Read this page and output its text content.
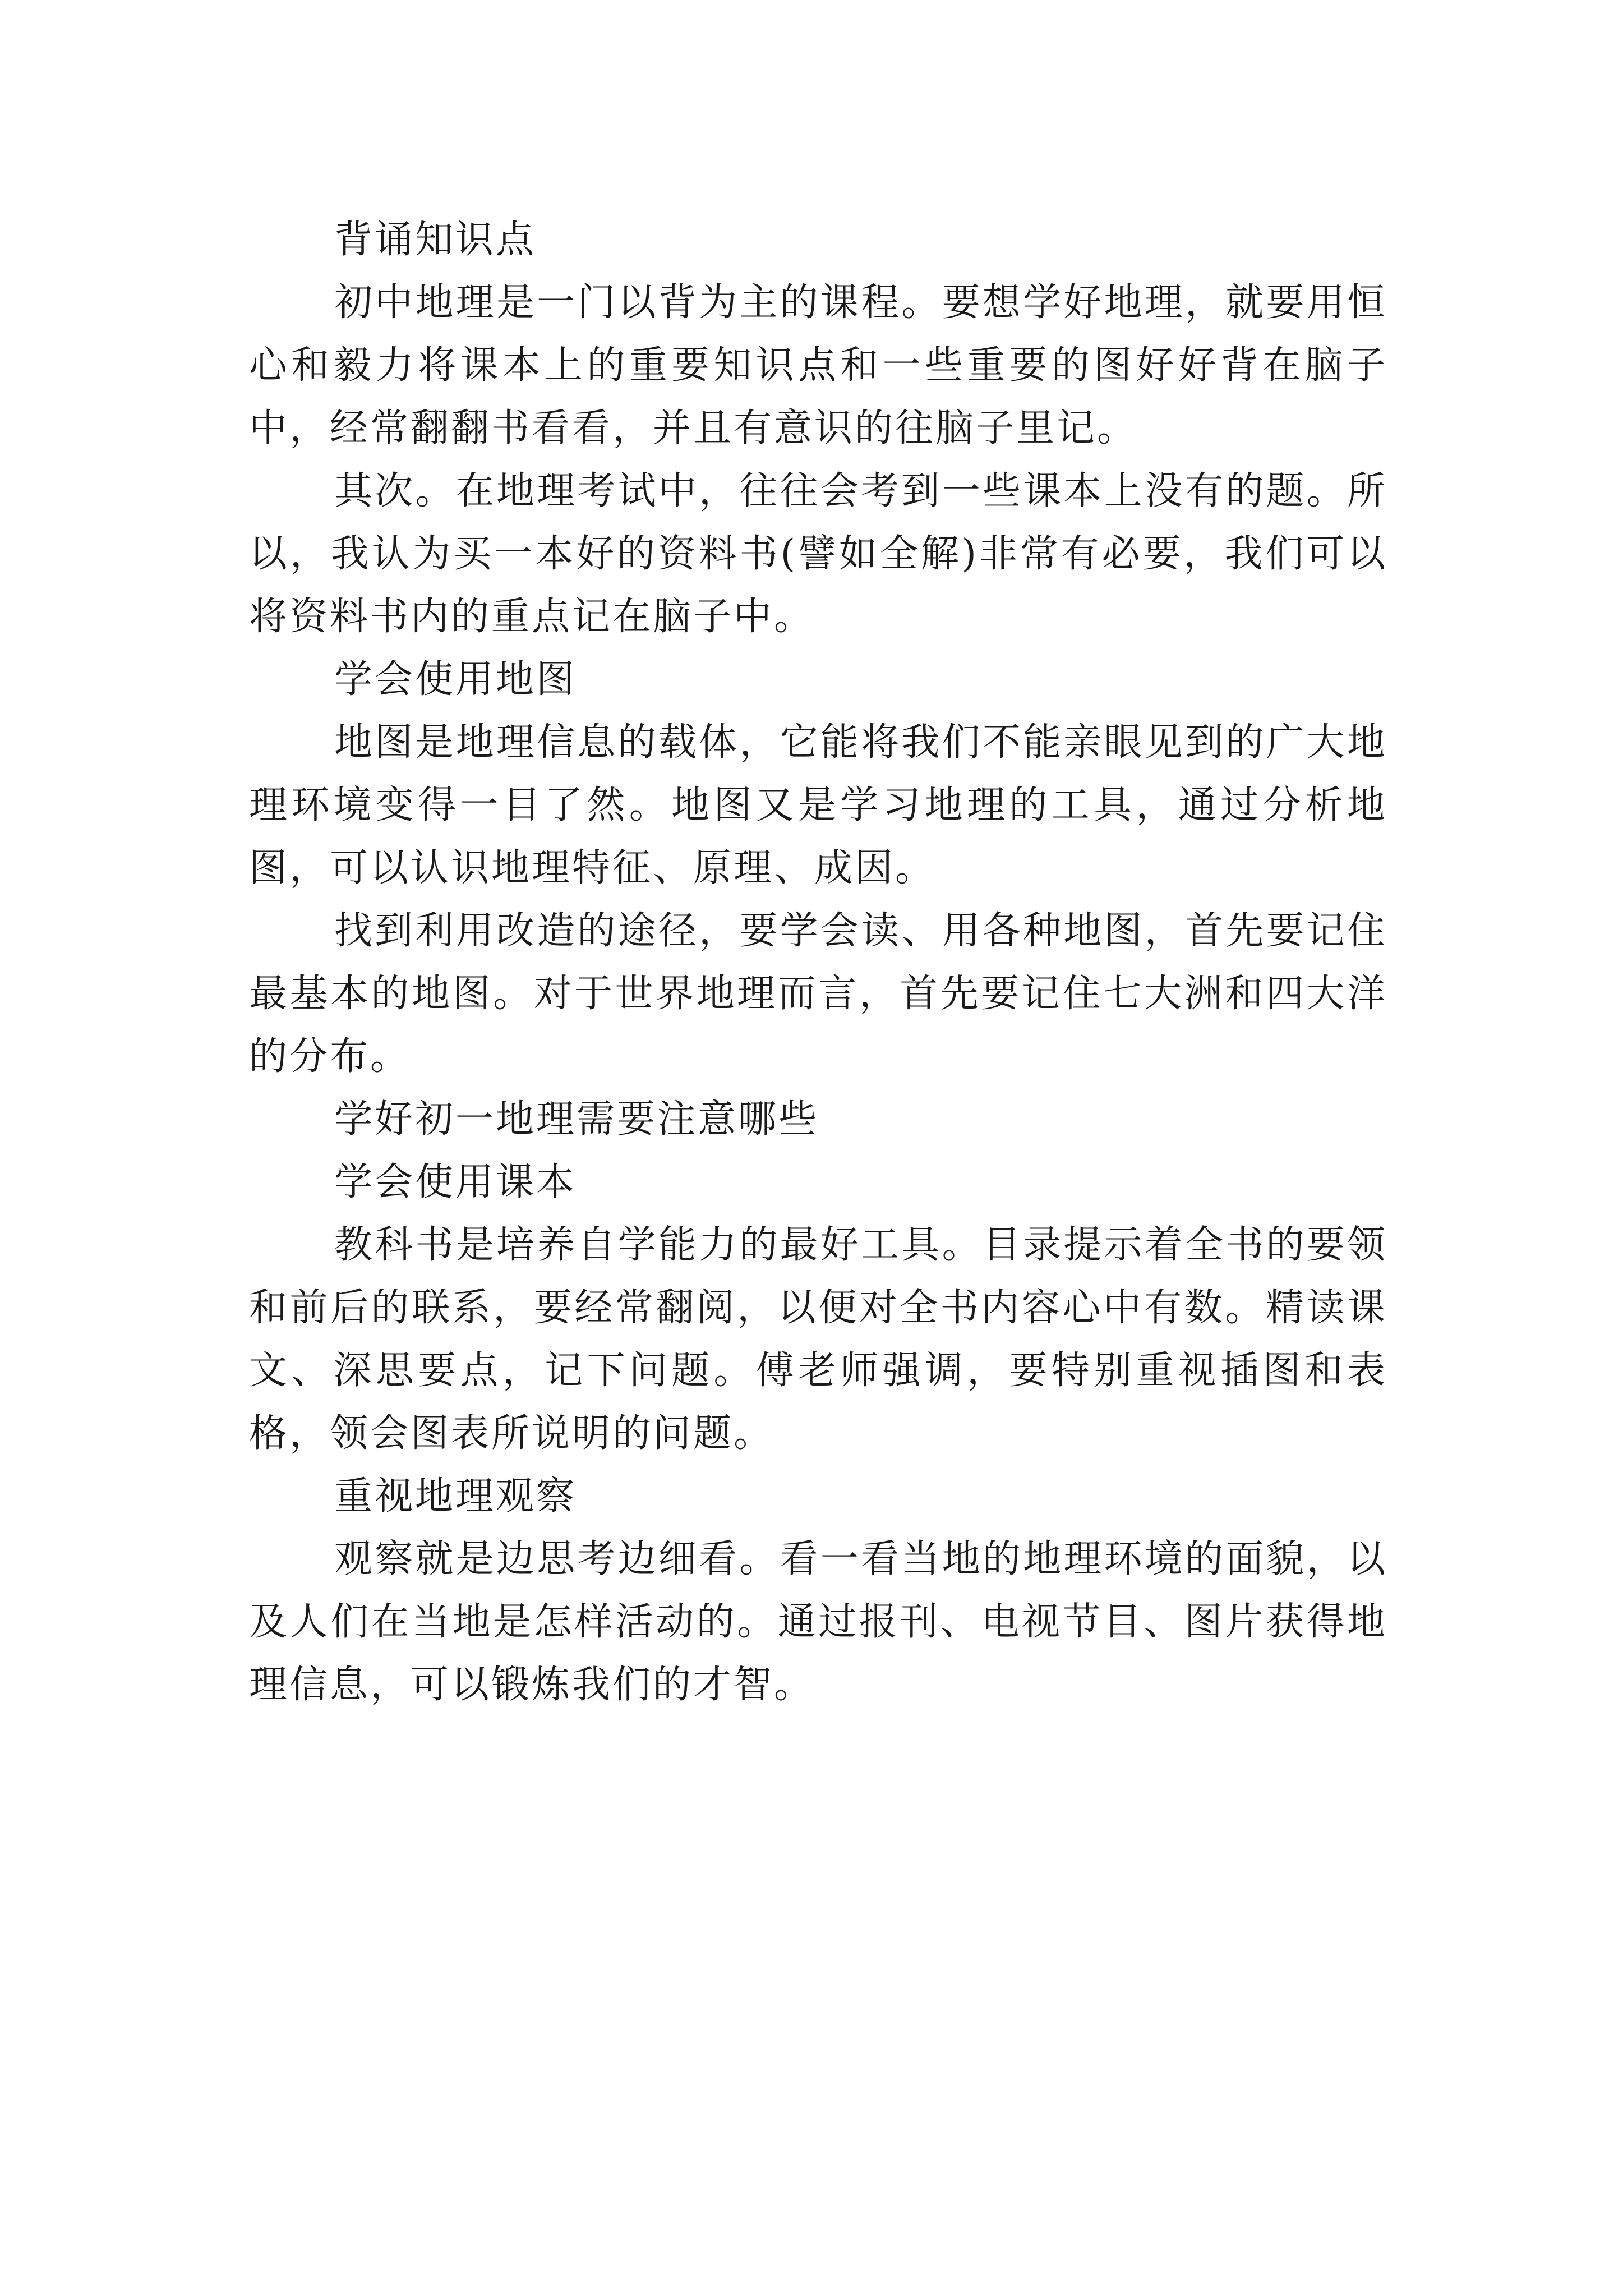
背诵知识点

初中地理是一门以背为主的课程。要想学好地理，就要用恒心和毅力将课本上的重要知识点和一些重要的图好好背在脑子中，经常翻翻书看看，并且有意识的往脑子里记。

其次。在地理考试中，往往会考到一些课本上没有的题。所以，我认为买一本好的资料书(譬如全解)非常有必要，我们可以将资料书内的重点记在脑子中。

学会使用地图

地图是地理信息的载体，它能将我们不能亲眼见到的广大地理环境变得一目了然。地图又是学习地理的工具，通过分析地图，可以认识地理特征、原理、成因。

找到利用改造的途径，要学会读、用各种地图，首先要记住最基本的地图。对于世界地理而言，首先要记住七大洲和四大洋的分布。

学好初一地理需要注意哪些

学会使用课本

教科书是培养自学能力的最好工具。目录提示着全书的要领和前后的联系，要经常翻阅，以便对全书内容心中有数。精读课文、深思要点，记下问题。傅老师强调，要特别重视插图和表格，领会图表所说明的问题。

重视地理观察

观察就是边思考边细看。看一看当地的地理环境的面貌，以及人们在当地是怎样活动的。通过报刊、电视节目、图片获得地理信息，可以锻炼我们的才智。
